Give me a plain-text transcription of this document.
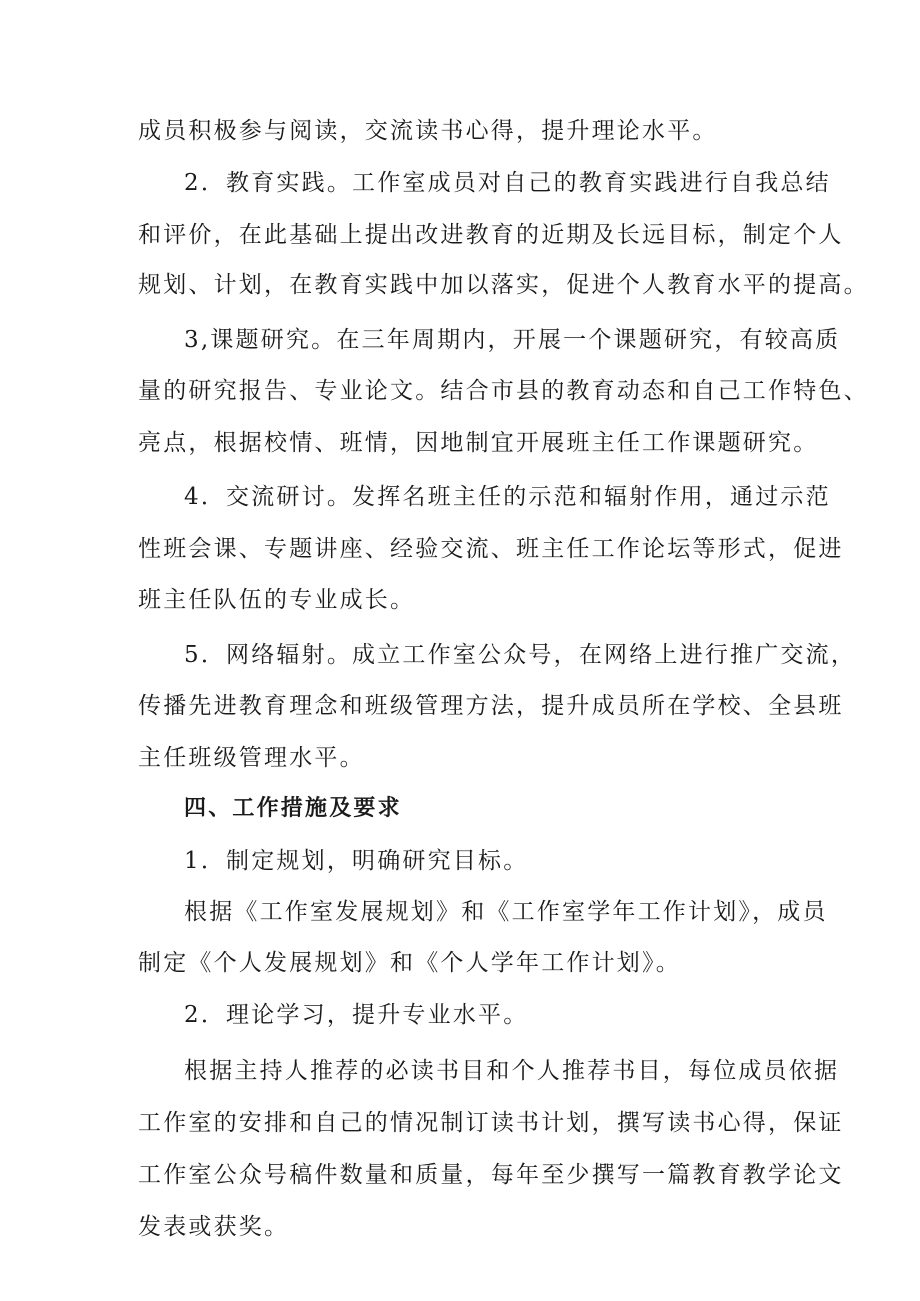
成员积极参与阅读，交流读书心得，提升理论水平。

2．教育实践。工作室成员对自己的教育实践进行自我总结

和评价，在此基础上提出改进教育的近期及长远目标，制定个人

规划、计划，在教育实践中加以落实，促进个人教育水平的提高。

3,课题研究。在三年周期内，开展一个课题研究，有较高质

量的研究报告、专业论文。结合市县的教育动态和自己工作特色、

亮点，根据校情、班情，因地制宜开展班主任工作课题研究。

4．交流研讨。发挥名班主任的示范和辐射作用，通过示范

性班会课、专题讲座、经验交流、班主任工作论坛等形式，促进

班主任队伍的专业成长。

5．网络辐射。成立工作室公众号，在网络上进行推广交流，

传播先进教育理念和班级管理方法，提升成员所在学校、全县班

主任班级管理水平。

四、工作措施及要求

1．制定规划，明确研究目标。

根据《工作室发展规划》和《工作室学年工作计划》，成员

制定《个人发展规划》和《个人学年工作计划》。

2．理论学习，提升专业水平。

根据主持人推荐的必读书目和个人推荐书目，每位成员依据

工作室的安排和自己的情况制订读书计划，撰写读书心得，保证

工作室公众号稿件数量和质量，每年至少撰写一篇教育教学论文

发表或获奖。
